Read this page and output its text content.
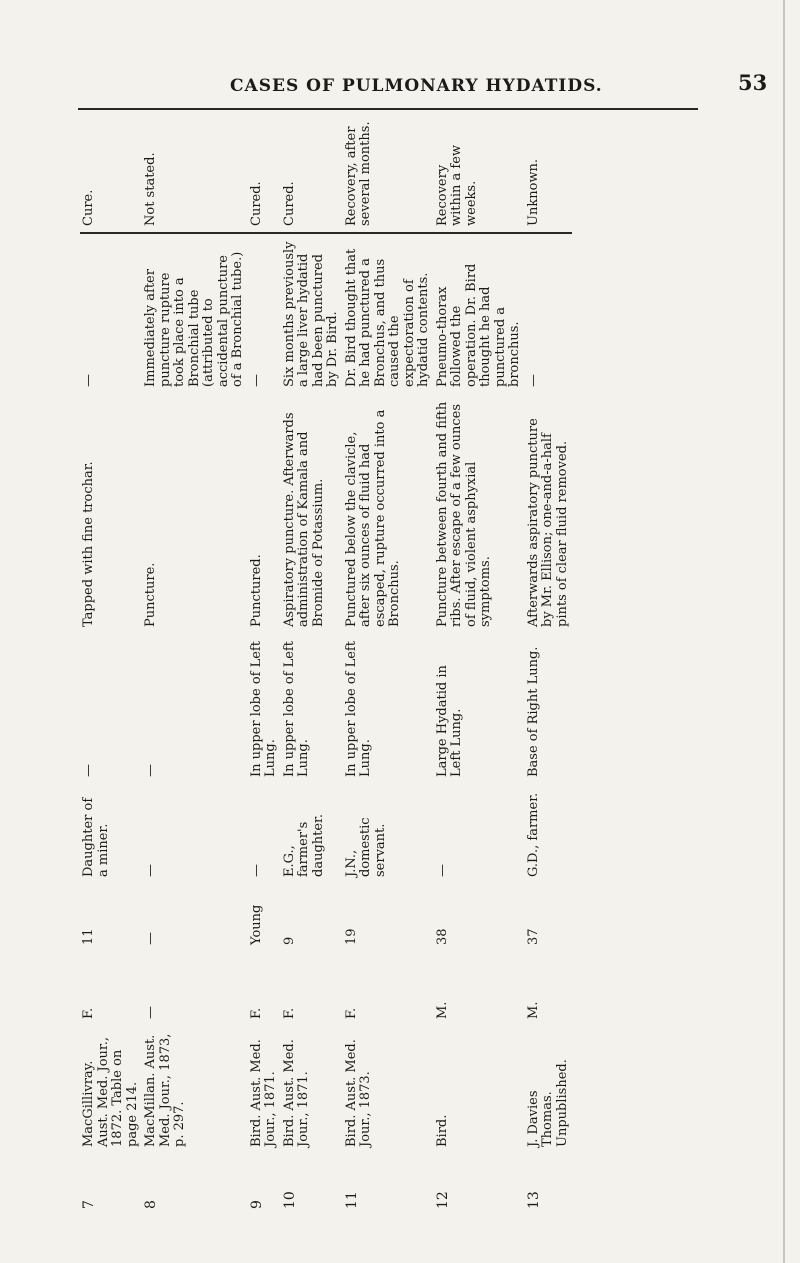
CASES OF PULMONARY HYDATIDS.	53
7	MacGillivray. Aust. Med. Jour., 1872. Table on page 214.	F.	11	Daughter of a miner.	—	Tapped with fine trochar.	—	Cure.
8	MacMillan. Aust. Med. Jour., 1873, p. 297.	—	—	—	—	Puncture.	Immediately after puncture rupture took place into a Bronchial tube (attributed to accidental puncture of a Bronchial tube.)	Not stated.
9	Bird. Aust. Med. Jour., 1871.	F.	Young	—	In upper lobe of Left Lung.	Punctured.	—	Cured.
10	Bird. Aust. Med. Jour., 1871.	F.	9	E.G., farmer's daughter.	In upper lobe of Left Lung.	Aspiratory puncture. Afterwards administration of Kamala and Bromide of Potassium.	Six months previously a large liver hydatid had been punctured by Dr. Bird.	Cured.
11	Bird. Aust. Med. Jour., 1873.	F.	19	J.N., domestic servant.	In upper lobe of Left Lung.	Punctured below the clavicle, after six ounces of fluid had escaped, rupture occurred into a Bronchus.	Dr. Bird thought that he had punctured a Bronchus, and thus caused the expectoration of hydatid contents.	Recovery, after several months.
12	Bird.	M.	38	—	Large Hydatid in Left Lung.	Puncture between fourth and fifth ribs. After escape of a few ounces of fluid, violent asphyxial symptoms.	Pneumo-thorax followed the operation. Dr. Bird thought he had punctured a bronchus.	Recovery within a few weeks.
13	J. Davies Thomas. Unpublished.	M.	37	G.D., farmer.	Base of Right Lung.	Afterwards aspiratory puncture by Mr. Ellison; one-and-a-half pints of clear fluid removed.	—	Unknown.
